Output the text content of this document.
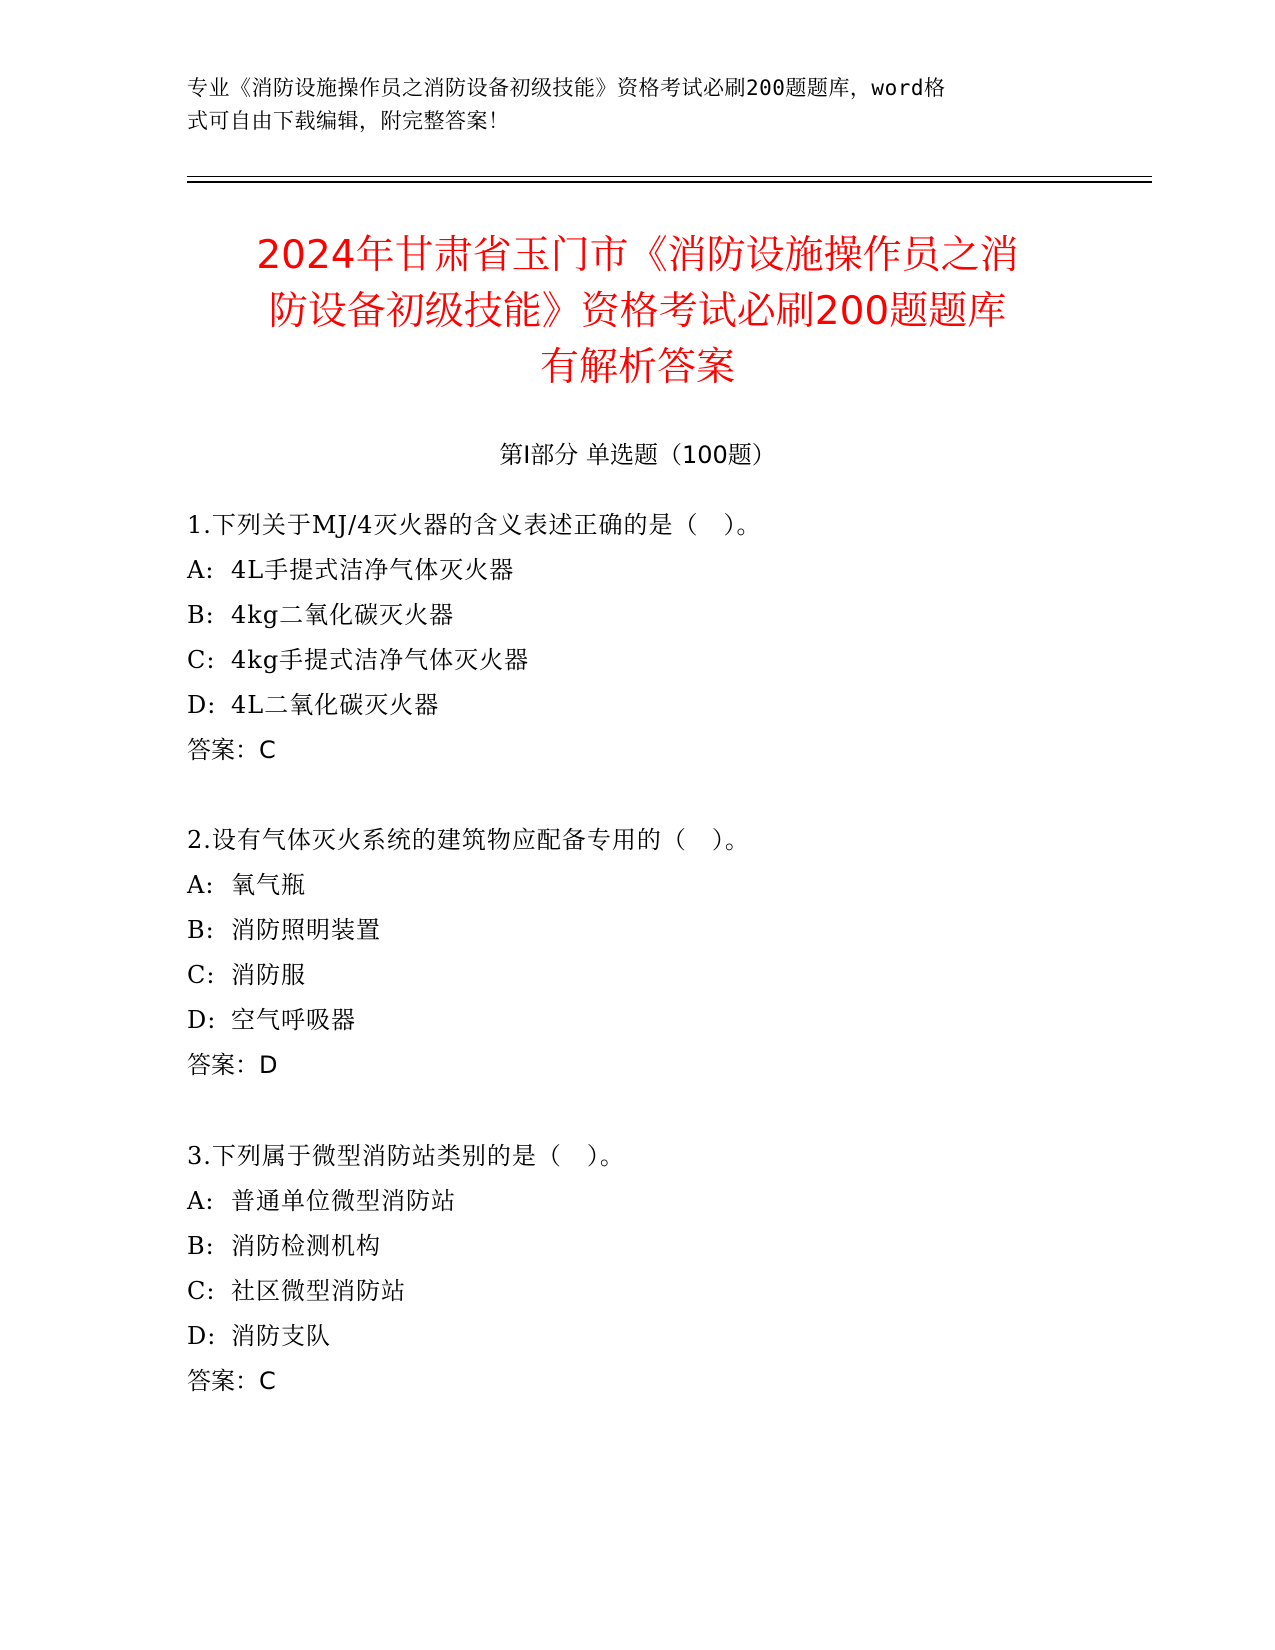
专业《消防设施操作员之消防设备初级技能》资格考试必刷200题题库，word格
式可自由下载编辑，附完整答案！
2024年甘肃省玉门市《消防设施操作员之消
防设备初级技能》资格考试必刷200题题库
有解析答案
第Ⅰ部分 单选题（100题）
1.下列关于MJ/4灭火器的含义表述正确的是（　）。
A: 4L手提式洁净气体灭火器
B: 4kg二氧化碳灭火器
C: 4kg手提式洁净气体灭火器
D: 4L二氧化碳灭火器
答案：C
2.设有气体灭火系统的建筑物应配备专用的（　）。
A: 氧气瓶
B: 消防照明装置
C: 消防服
D: 空气呼吸器
答案：D
3.下列属于微型消防站类别的是（　）。
A: 普通单位微型消防站
B: 消防检测机构
C: 社区微型消防站
D: 消防支队
答案：C
